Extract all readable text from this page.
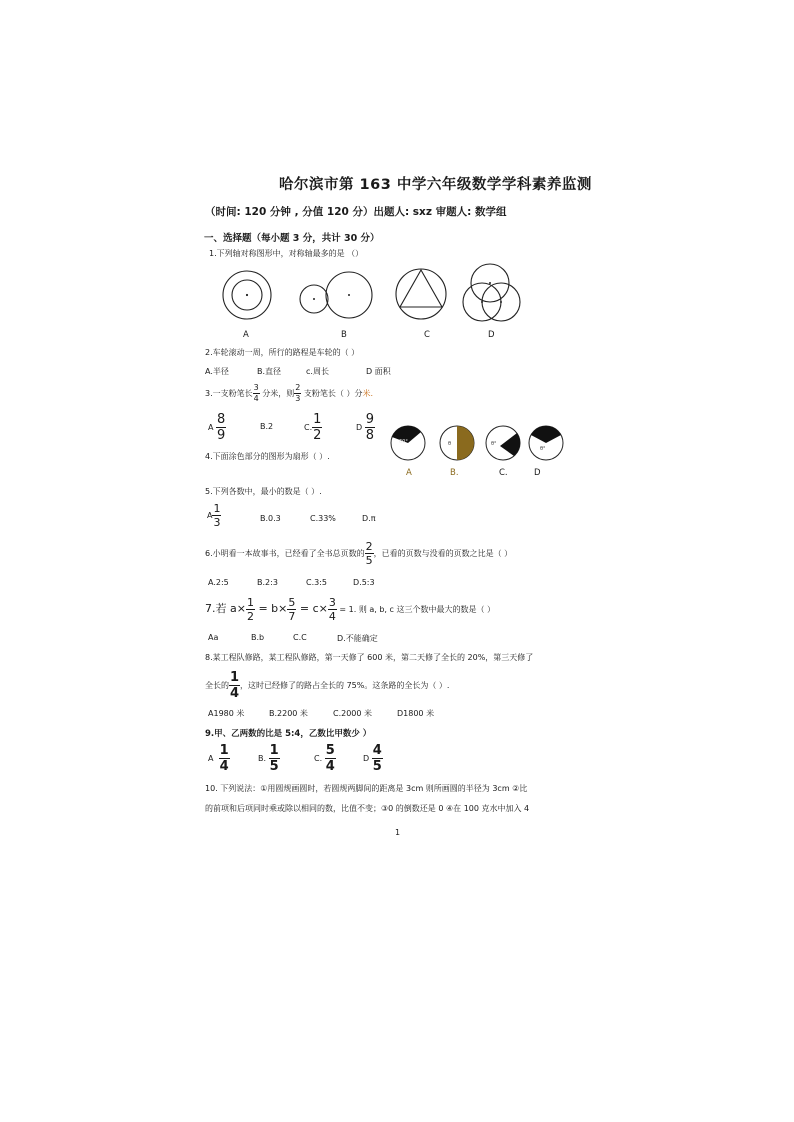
哈尔滨市第 163 中学六年级数学学科素养监测
（时间: 120 分钟 , 分值 120 分）出题人: sxz 审题人: 数学组
一、选择题（每小题 3 分，共计 30 分）
1.下列轴对称图形中，对称轴最多的是 （）
A	B	C	D
2.车轮滚动一周，所行的路程是车轮的（ ）
A.半径	B.直径	c.周长	D 面积
3.一支粉笔长 $\frac{3}{4}$ 分米，则 $\frac{2}{3}$ 支粉笔长（ ）分米.
A $\frac{8}{9}$	B.2	C. $\frac{1}{2}$	D $\frac{9}{8}$
4.下面涂色部分的图形为扇形（ ）.
60°	θ	θ°
θ°
A	B.	C.	D
5.下列各数中，最小的数是（ ）.
A $\frac{1}{3}$	B.0.3	C.33%	D.π
6.小明看一本故事书，已经看了全书总页数的 $\frac{2}{5}$ ，已看的页数与没看的页数之比是（ ）
A.2:5	B.2:3	C.3:5	D.5:3
7.若 $a\times \frac{1}{2} = b\times \frac{5}{7} = c\times \frac{3}{4} = 1$. 则 a, b, c 这三个数中最大的数是（ ）
Aa	B.b	C.C	D.不能确定
8.某工程队修路，某工程队修路，第一天修了 600 米，第二天修了全长的 20%，第三天修了
全长的 $\frac{1}{4}$ ，这时已经修了的路占全长的 75%。这条路的全长为（ ）.
A1980 米	B.2200 米	C.2000 米	D1800 米
9.甲、乙两数的比是 5:4，乙数比甲数少 ）
A $\frac{1}{4}$	B. $\frac{1}{5}$	C. $\frac{5}{4}$	D $\frac{4}{5}$
10. 下列说法：①用圆规画圆时，若圆规两脚间的距离是 3cm 则所画圆的半径为 3cm ②比
的前项和后项同时乘或除以相同的数，比值不变；③0 的倒数还是 0 ④在 100 克水中加入 4
1
